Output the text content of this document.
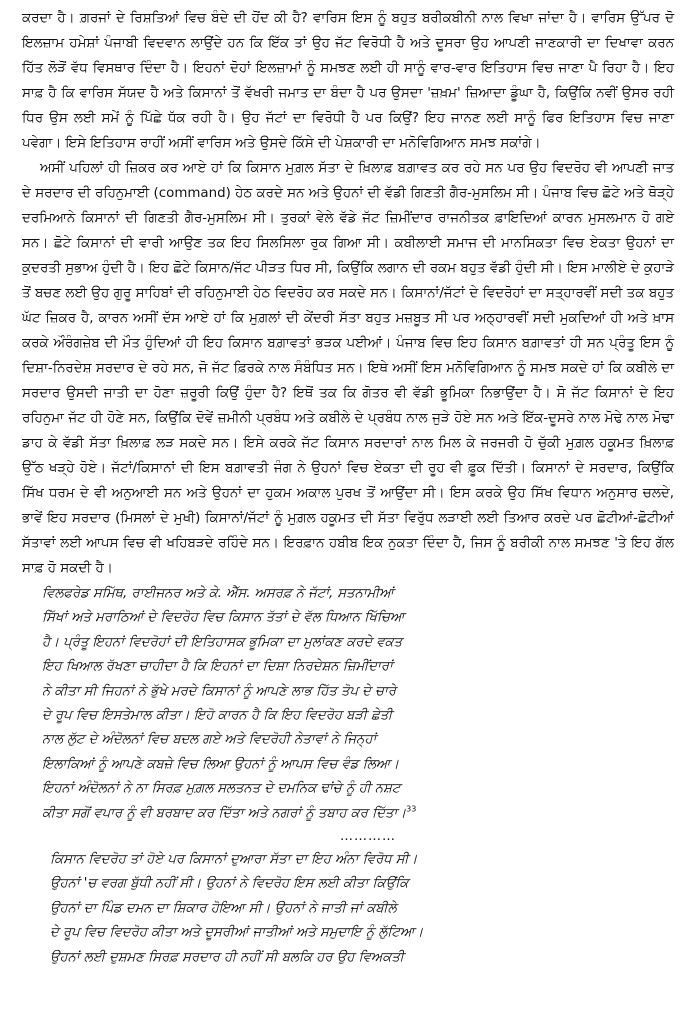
ਕਰਦਾ ਹੈ। ਗ਼ਰਜਾਂ ਦੇ ਰਿਸ਼ਤਿਆਂ ਵਿਚ ਬੰਦੇ ਦੀ ਹੋਂਦ ਕੀ ਹੈ? ਵਾਰਿਸ ਇਸ ਨੂੰ ਬਹੁਤ ਬਰੀਕਬੀਨੀ ਨਾਲ ਵਿਖਾ ਜਾਂਦਾ ਹੈ। ਵਾਰਿਸ ਉੱਪਰ ਦੋ ਇਲਜ਼ਾਮ ਹਮੇਸ਼ਾਂ ਪੰਜਾਬੀ ਵਿਦਵਾਨ ਲਾਉਂਦੇ ਹਨ ਕਿ ਇੱਕ ਤਾਂ ਉਹ ਜੱਟ ਵਿਰੋਧੀ ਹੈ ਅਤੇ ਦੂਸਰਾ ਉਹ ਆਪਣੀ ਜਾਣਕਾਰੀ ਦਾ ਦਿਖਾਵਾ ਕਰਨ ਹਿੱਤ ਲੋੜੋਂ ਵੱਧ ਵਿਸਥਾਰ ਦਿੰਦਾ ਹੈ। ਇਹਨਾਂ ਦੋਹਾਂ ਇਲਜ਼ਾਮਾਂ ਨੂੰ ਸਮਝਣ ਲਈ ਹੀ ਸਾਨੂੰ ਵਾਰ-ਵਾਰ ਇਤਿਹਾਸ ਵਿਚ ਜਾਣਾ ਪੈ ਰਿਹਾ ਹੈ। ਇਹ ਸਾਫ਼ ਹੈ ਕਿ ਵਾਰਿਸ ਸੱਯਦ ਹੈ ਅਤੇ ਕਿਸਾਨਾਂ ਤੋਂ ਵੱਖਰੀ ਜਮਾਤ ਦਾ ਬੰਦਾ ਹੈ ਪਰ ਉਸਦਾ 'ਜ਼ਖ਼ਮ' ਜ਼ਿਆਦਾ ਡੂੰਘਾ ਹੈ, ਕਿਉਂਕਿ ਨਵੀਂ ਉਸਰ ਰਹੀ ਧਿਰ ਉਸ ਲਈ ਸਮੇਂ ਨੂੰ ਪਿੱਛੇ ਧੱਕ ਰਹੀ ਹੈ। ਉਹ ਜੱਟਾਂ ਦਾ ਵਿਰੋਧੀ ਹੈ ਪਰ ਕਿਉਂ? ਇਹ ਜਾਨਣ ਲਈ ਸਾਨੂੰ ਫਿਰ ਇਤਿਹਾਸ ਵਿਚ ਜਾਣਾ ਪਵੇਗਾ। ਇਸੇ ਇਤਿਹਾਸ ਰਾਹੀਂ ਅਸੀਂ ਵਾਰਿਸ ਅਤੇ ਉਸਦੇ ਕਿੱਸੇ ਦੀ ਪੇਸ਼ਕਾਰੀ ਦਾ ਮਨੋਵਿਗਿਆਨ ਸਮਝ ਸਕਾਂਗੇ।

ਅਸੀਂ ਪਹਿਲਾਂ ਹੀ ਜ਼ਿਕਰ ਕਰ ਆਏ ਹਾਂ ਕਿ ਕਿਸਾਨ ਮੁਗ਼ਲ ਸੱਤਾ ਦੇ ਖ਼ਿਲਾਫ਼ ਬਗ਼ਾਵਤ ਕਰ ਰਹੇ ਸਨ ਪਰ ਉਹ ਵਿਦਰੋਹ ਵੀ ਆਪਣੀ ਜਾਤ ਦੇ ਸਰਦਾਰ ਦੀ ਰਹਿਨੁਮਾਈ (command) ਹੇਠ ਕਰਦੇ ਸਨ ਅਤੇ ਉਹਨਾਂ ਦੀ ਵੱਡੀ ਗਿਣਤੀ ਗੈਰ-ਮੁਸਲਿਮ ਸੀ। ਪੰਜਾਬ ਵਿਚ ਛੋਟੇ ਅਤੇ ਥੋੜ੍ਹੇ ਦਰਮਿਆਨੇ ਕਿਸਾਨਾਂ ਦੀ ਗਿਣਤੀ ਗੈਰ-ਮੁਸਲਿਮ ਸੀ। ਤੁਰਕਾਂ ਵੇਲੇ ਵੱਡੇ ਜੱਟ ਜ਼ਿਮੀਂਦਾਰ ਰਾਜਨੀਤਕ ਫ਼ਾਇਦਿਆਂ ਕਾਰਨ ਮੁਸਲਮਾਨ ਹੋ ਗਏ ਸਨ। ਛੋਟੇ ਕਿਸਾਨਾਂ ਦੀ ਵਾਰੀ ਆਉਣ ਤਕ ਇਹ ਸਿਲਸਿਲਾ ਰੁਕ ਗਿਆ ਸੀ। ਕਬੀਲਾਈ ਸਮਾਜ ਦੀ ਮਾਨਸਿਕਤਾ ਵਿਚ ਏਕਤਾ ਉਹਨਾਂ ਦਾ ਕੁਦਰਤੀ ਸੁਭਾਅ ਹੁੰਦੀ ਹੈ। ਇਹ ਛੋਟੇ ਕਿਸਾਨ/ਜੱਟ ਪੀੜਤ ਧਿਰ ਸੀ, ਕਿਉਂਕਿ ਲਗਾਨ ਦੀ ਰਕਮ ਬਹੁਤ ਵੱਡੀ ਹੁੰਦੀ ਸੀ। ਇਸ ਮਾਲੀਏ ਦੇ ਕੁਹਾੜੇ ਤੋਂ ਬਚਣ ਲਈ ਉਹ ਗੁਰੂ ਸਾਹਿਬਾਂ ਦੀ ਰਹਿਨੁਮਾਈ ਹੇਠ ਵਿਦਰੋਹ ਕਰ ਸਕਦੇ ਸਨ। ਕਿਸਾਨਾਂ/ਜੱਟਾਂ ਦੇ ਵਿਦਰੋਹਾਂ ਦਾ ਸਤ੍ਹਾਰਵੀਂ ਸਦੀ ਤਕ ਬਹੁਤ ਘੱਟ ਜ਼ਿਕਰ ਹੈ, ਕਾਰਨ ਅਸੀਂ ਦੱਸ ਆਏ ਹਾਂ ਕਿ ਮੁਗ਼ਲਾਂ ਦੀ ਕੇਂਦਰੀ ਸੱਤਾ ਬਹੁਤ ਮਜ਼ਬੂਤ ਸੀ ਪਰ ਅਠ੍ਹਾਰਵੀਂ ਸਦੀ ਮੁਕਦਿਆਂ ਹੀ ਅਤੇ ਖ਼ਾਸ ਕਰਕੇ ਔਰੰਗਜ਼ੇਬ ਦੀ ਮੌਤ ਹੁੰਦਿਆਂ ਹੀ ਇਹ ਕਿਸਾਨ ਬਗ਼ਾਵਤਾਂ ਭੜਕ ਪਈਆਂ। ਪੰਜਾਬ ਵਿਚ ਇਹ ਕਿਸਾਨ ਬਗ਼ਾਵਤਾਂ ਹੀ ਸਨ ਪ੍ਰੰਤੂ ਇਸ ਨੂੰ ਦਿਸ਼ਾ-ਨਿਰਦੇਸ਼ ਸਰਦਾਰ ਦੇ ਰਹੇ ਸਨ, ਜੋ ਜੱਟ ਫ਼ਿਰਕੇ ਨਾਲ ਸੰਬੰਧਿਤ ਸਨ। ਇਥੇ ਅਸੀਂ ਇਸ ਮਨੋਵਿਗਿਆਨ ਨੂੰ ਸਮਝ ਸਕਦੇ ਹਾਂ ਕਿ ਕਬੀਲੇ ਦਾ ਸਰਦਾਰ ਉਸਦੀ ਜਾਤੀ ਦਾ ਹੋਣਾ ਜ਼ਰੂਰੀ ਕਿਉਂ ਹੁੰਦਾ ਹੈ? ਇਥੋਂ ਤਕ ਕਿ ਗੋਤਰ ਵੀ ਵੱਡੀ ਭੂਮਿਕਾ ਨਿਭਾਉਂਦਾ ਹੈ। ਸੋ ਜੱਟ ਕਿਸਾਨਾਂ ਦੇ ਇਹ ਰਹਿਨੁਮਾ ਜੱਟ ਹੀ ਹੋਣੇ ਸਨ, ਕਿਉਂਕਿ ਦੋਵੇਂ ਜ਼ਮੀਨੀ ਪ੍ਰਬੰਧ ਅਤੇ ਕਬੀਲੇ ਦੇ ਪ੍ਰਬੰਧ ਨਾਲ ਜੁੜੇ ਹੋਏ ਸਨ ਅਤੇ ਇੱਕ-ਦੂਸਰੇ ਨਾਲ ਮੋਢੇ ਨਾਲ ਮੋਢਾ ਡਾਹ ਕੇ ਵੱਡੀ ਸੱਤਾ ਖ਼ਿਲਾਫ਼ ਲੜ ਸਕਦੇ ਸਨ। ਇਸੇ ਕਰਕੇ ਜੱਟ ਕਿਸਾਨ ਸਰਦਾਰਾਂ ਨਾਲ ਮਿਲ ਕੇ ਜਰਜਰੀ ਹੋ ਚੁੱਕੀ ਮੁਗ਼ਲ ਹਕੂਮਤ ਖ਼ਿਲਾਫ਼ ਉੱਠ ਖੜ੍ਹੇ ਹੋਏ। ਜੱਟਾਂ/ਕਿਸਾਨਾਂ ਦੀ ਇਸ ਬਗ਼ਾਵਤੀ ਜੰਗ ਨੇ ਉਹਨਾਂ ਵਿਚ ਏਕਤਾ ਦੀ ਰੂਹ ਵੀ ਫ਼ੂਕ ਦਿੱਤੀ। ਕਿਸਾਨਾਂ ਦੇ ਸਰਦਾਰ, ਕਿਉਂਕਿ ਸਿੱਖ ਧਰਮ ਦੇ ਵੀ ਅਨੁਆਈ ਸਨ ਅਤੇ ਉਹਨਾਂ ਦਾ ਹੁਕਮ ਅਕਾਲ ਪੁਰਖ ਤੋਂ ਆਉਂਦਾ ਸੀ। ਇਸ ਕਰਕੇ ਉਹ ਸਿੱਖ ਵਿਧਾਨ ਅਨੁਸਾਰ ਚਲਦੇ, ਭਾਵੇਂ ਇਹ ਸਰਦਾਰ (ਮਿਸਲਾਂ ਦੇ ਮੁਖੀ) ਕਿਸਾਨਾਂ/ਜੱਟਾਂ ਨੂੰ ਮੁਗ਼ਲ ਹਕੂਮਤ ਦੀ ਸੱਤਾ ਵਿਰੁੱਧ ਲੜਾਈ ਲਈ ਤਿਆਰ ਕਰਦੇ ਪਰ ਛੋਟੀਆਂ-ਛੋਟੀਆਂ ਸੱਤਾਵਾਂ ਲਈ ਆਪਸ ਵਿਚ ਵੀ ਖਹਿਬੜਦੇ ਰਹਿੰਦੇ ਸਨ। ਇਰਫ਼ਾਨ ਹਬੀਬ ਇਕ ਨੁਕਤਾ ਦਿੰਦਾ ਹੈ, ਜਿਸ ਨੂੰ ਬਰੀਕੀ ਨਾਲ ਸਮਝਣ 'ਤੇ ਇਹ ਗੱਲ ਸਾਫ਼ ਹੋ ਸਕਦੀ ਹੈ।

ਵਿਲਫਰੇਡ ਸਮਿੱਥ, ਰਾਈਜਨਰ ਅਤੇ ਕੇ. ਐੱਸ. ਅਸਰਫ਼ ਨੇ ਜੱਟਾਂ, ਸਤਨਾਮੀਆਂ

ਸਿੱਖਾਂ ਅਤੇ ਮਰਾਠਿਆਂ ਦੇ ਵਿਦਰੋਹ ਵਿਚ ਕਿਸਾਨ ਤੱਤਾਂ ਦੇ ਵੱਲ ਧਿਆਨ ਖਿੱਚਿਆ

ਹੈ। ਪ੍ਰੰਤੂ ਇਹਨਾਂ ਵਿਦਰੋਹਾਂ ਦੀ ਇਤਿਹਾਸਕ ਭੂਮਿਕਾ ਦਾ ਮੁਲਾਂਕਣ ਕਰਦੇ ਵਕਤ

ਇਹ ਖਿਆਲ ਰੱਖਣਾ ਚਾਹੀਦਾ ਹੈ ਕਿ ਇਹਨਾਂ ਦਾ ਦਿਸ਼ਾ ਨਿਰਦੇਸ਼ਨ ਜ਼ਿਮੀਂਦਾਰਾਂ

ਨੇ ਕੀਤਾ ਸੀ ਜਿਹਨਾਂ ਨੇ ਭੁੱਖੇ ਮਰਦੇ ਕਿਸਾਨਾਂ ਨੂੰ ਆਪਣੇ ਲਾਭ ਹਿੱਤ ਤੋਪ ਦੇ ਚਾਰੇ

ਦੇ ਰੂਪ ਵਿਚ ਇਸਤੇਮਾਲ ਕੀਤਾ। ਇਹੋ ਕਾਰਨ ਹੈ ਕਿ ਇਹ ਵਿਦਰੋਹ ਬੜੀ ਛੇਤੀ

ਨਾਲ ਲੁੱਟ ਦੇ ਅੰਦੋਲਨਾਂ ਵਿਚ ਬਦਲ ਗਏ ਅਤੇ ਵਿਦਰੋਹੀ ਨੇਤਾਵਾਂ ਨੇ ਜਿਨ੍ਹਾਂ

ਇਲਾਕਿਆਂ ਨੂੰ ਆਪਣੇ ਕਬਜ਼ੇ ਵਿਚ ਲਿਆ ਉਹਨਾਂ ਨੂੰ ਆਪਸ ਵਿਚ ਵੰਡ ਲਿਆ।

ਇਹਨਾਂ ਅੰਦੋਲਨਾਂ ਨੇ ਨਾ ਸਿਰਫ਼ ਮੁਗ਼ਲ ਸਲਤਨਤ ਦੇ ਦਮਨਿਕ ਢਾਂਚੇ ਨੂੰ ਹੀ ਨਸ਼ਟ

ਕੀਤਾ ਸਗੋਂ ਵਪਾਰ ਨੂੰ ਵੀ ਬਰਬਾਦ ਕਰ ਦਿੱਤਾ ਅਤੇ ਨਗਰਾਂ ਨੂੰ ਤਬਾਹ ਕਰ ਦਿੱਤਾ।$^{33}$

…………

ਕਿਸਾਨ ਵਿਦਰੋਹ ਤਾਂ ਹੋਏ ਪਰ ਕਿਸਾਨਾਂ ਦੁਆਰਾ ਸੱਤਾ ਦਾ ਇਹ ਅੰਨਾ ਵਿਰੋਧ ਸੀ।

ਉਹਨਾਂ 'ਚ ਵਰਗ ਬੁੱਧੀ ਨਹੀਂ ਸੀ। ਉਹਨਾਂ ਨੇ ਵਿਦਰੋਹ ਇਸ ਲਈ ਕੀਤਾ ਕਿਉਂਕਿ

ਉਹਨਾਂ ਦਾ ਪਿੰਡ ਦਮਨ ਦਾ ਸ਼ਿਕਾਰ ਹੋਇਆ ਸੀ। ਉਹਨਾਂ ਨੇ ਜਾਤੀ ਜਾਂ ਕਬੀਲੇ

ਦੇ ਰੂਪ ਵਿਚ ਵਿਦਰੋਹ ਕੀਤਾ ਅਤੇ ਦੂਸਰੀਆਂ ਜਾਤੀਆਂ ਅਤੇ ਸਮੁਦਾਇ ਨੂੰ ਲੁੱਟਿਆ।

ਉਹਨਾਂ ਲਈ ਦੁਸ਼ਮਣ ਸਿਰਫ਼ ਸਰਦਾਰ ਹੀ ਨਹੀਂ ਸੀ ਬਲਕਿ ਹਰ ਉਹ ਵਿਅਕਤੀ
